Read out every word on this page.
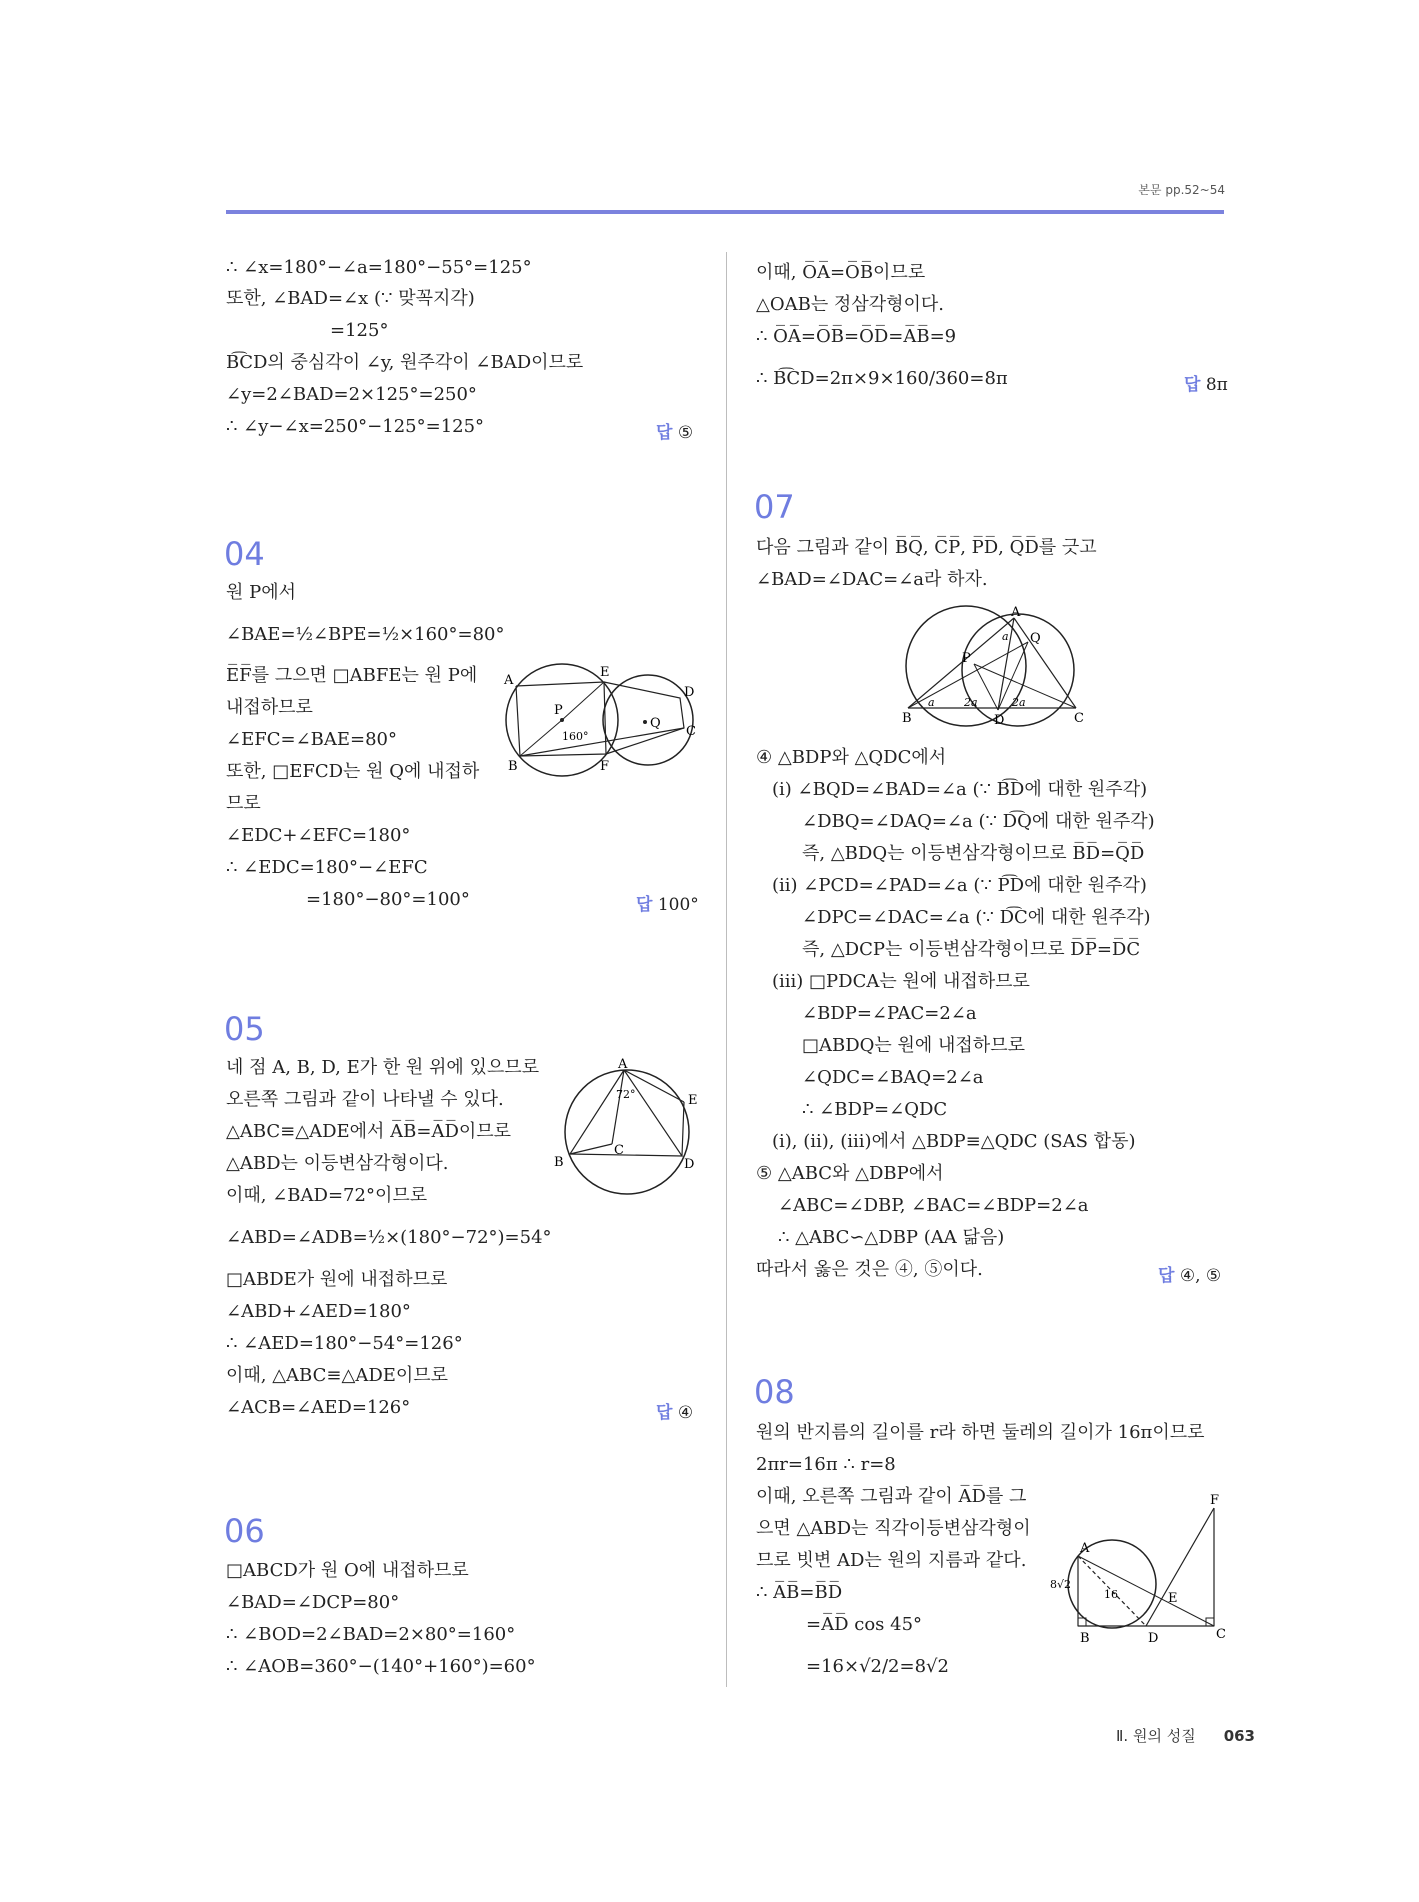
본문 pp.52~54
∴ ∠x=180°−∠a=180°−55°=125°
또한, ∠BAD=∠x (∵ 맞꼭지각)
=125°
B͡CD의 중심각이 ∠y, 원주각이 ∠BAD이므로
∠y=2∠BAD=2×125°=250°
∴ ∠y−∠x=250°−125°=125°	답 ⑤
04
원 P에서
∠BAE=½∠BPE=½×160°=80°
E̅F̅를 그으면 □ABFE는 원 P에
내접하므로
∠EFC=∠BAE=80°
또한, □EFCD는 원 Q에 내접하
므로
∠EDC+∠EFC=180°
∴ ∠EDC=180°−∠EFC
=180°−80°=100°	답 100°
A
B
E
F
D
C
P
Q
160°
05
네 점 A, B, D, E가 한 원 위에 있으므로
오른쪽 그림과 같이 나타낼 수 있다.
△ABC≡△ADE에서 A̅B̅=A̅D̅이므로
△ABD는 이등변삼각형이다.
이때, ∠BAD=72°이므로
∠ABD=∠ADB=½×(180°−72°)=54°
□ABDE가 원에 내접하므로
∠ABD+∠AED=180°
∴ ∠AED=180°−54°=126°
이때, △ABC≡△ADE이므로
∠ACB=∠AED=126°	답 ④
A
B
C
D
E
72°
06
□ABCD가 원 O에 내접하므로
∠BAD=∠DCP=80°
∴ ∠BOD=2∠BAD=2×80°=160°
∴ ∠AOB=360°−(140°+160°)=60°
이때, O̅A̅=O̅B̅이므로
△OAB는 정삼각형이다.
∴ O̅A̅=O̅B̅=O̅D̅=A̅B̅=9
∴ B͡CD=2π×9×160/360=8π	답 8π
07
다음 그림과 같이 B̅Q̅, C̅P̅, P̅D̅, Q̅D̅를 긋고
∠BAD=∠DAC=∠a라 하자.
A
B	C
D
P
Q
a	2a	2a
a
④ △BDP와 △QDC에서
(ⅰ) ∠BQD=∠BAD=∠a (∵ B͡D에 대한 원주각)
∠DBQ=∠DAQ=∠a (∵ D͡Q에 대한 원주각)
즉, △BDQ는 이등변삼각형이므로 B̅D̅=Q̅D̅
(ⅱ) ∠PCD=∠PAD=∠a (∵ P͡D에 대한 원주각)
∠DPC=∠DAC=∠a (∵ D͡C에 대한 원주각)
즉, △DCP는 이등변삼각형이므로 D̅P̅=D̅C̅
(ⅲ) □PDCA는 원에 내접하므로
∠BDP=∠PAC=2∠a
□ABDQ는 원에 내접하므로
∠QDC=∠BAQ=2∠a
∴ ∠BDP=∠QDC
(ⅰ), (ⅱ), (ⅲ)에서 △BDP≡△QDC (SAS 합동)
⑤ △ABC와 △DBP에서
∠ABC=∠DBP, ∠BAC=∠BDP=2∠a
∴ △ABC∽△DBP (AA 닮음)
따라서 옳은 것은 ④, ⑤이다.	답 ④, ⑤
08
원의 반지름의 길이를 r라 하면 둘레의 길이가 16π이므로
2πr=16π ∴ r=8
이때, 오른쪽 그림과 같이 A̅D̅를 그
으면 △ABD는 직각이등변삼각형이
므로 빗변 AD는 원의 지름과 같다.
∴ A̅B̅=B̅D̅
=A̅D̅ cos 45°
=16×√2/2=8√2
A
B	C
D
E
F
8√2
16
Ⅱ. 원의 성질 063
